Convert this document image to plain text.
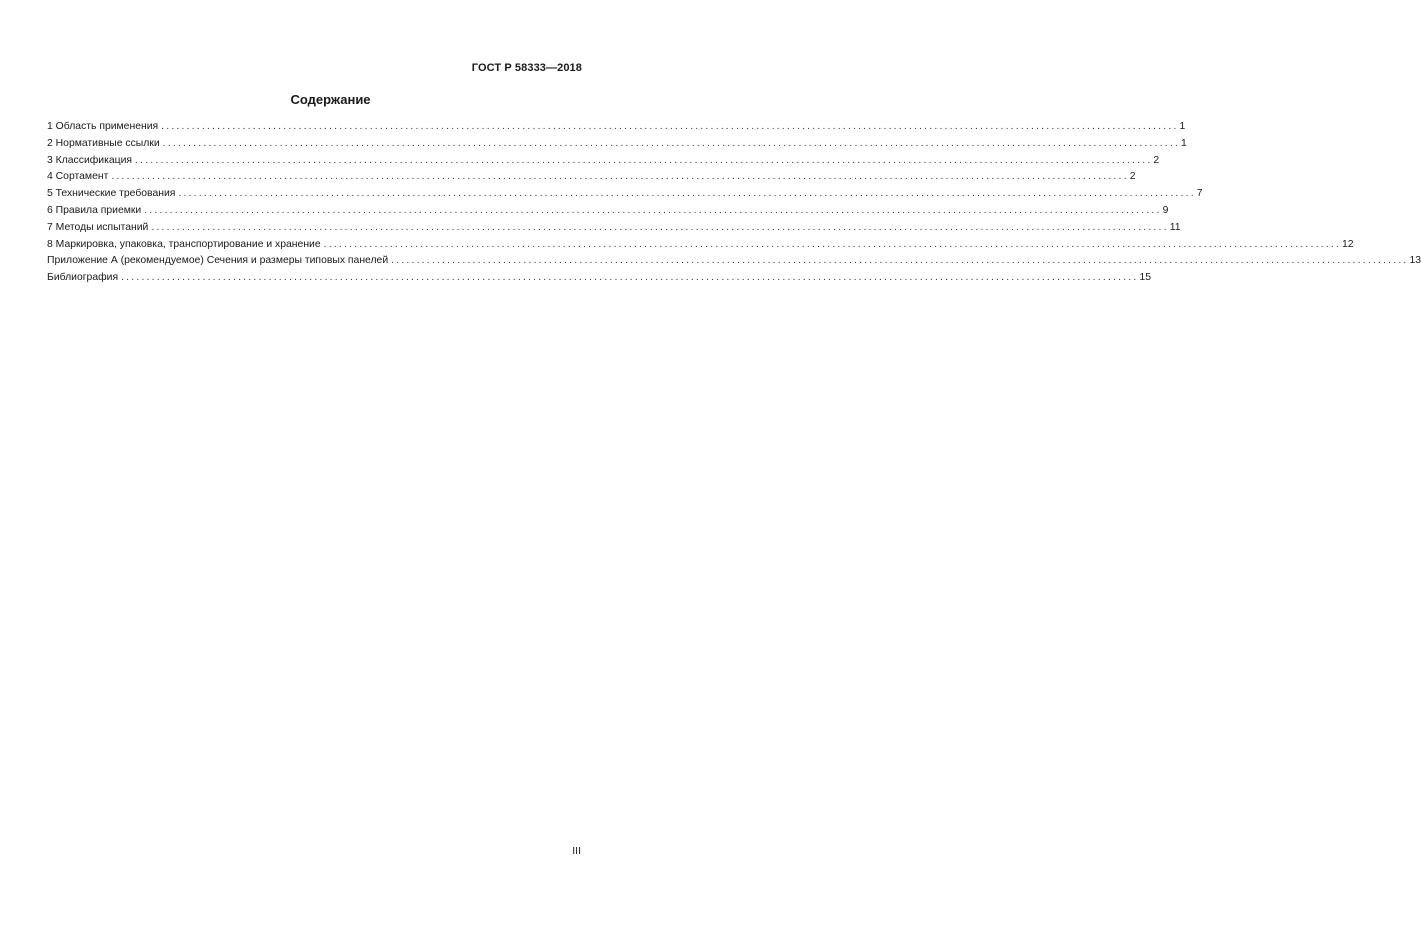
ГОСТ Р 58333—2018
Содержание
1 Область применения ........................................................................................................................................................................................................ 1
2 Нормативные ссылки ........................................................................................................................................................................................................ 1
3 Классификация ........................................................................................................................................................................................................ 2
4 Сортамент ........................................................................................................................................................................................................ 2
5 Технические требования ........................................................................................................................................................................................................ 7
6 Правила приемки ........................................................................................................................................................................................................ 9
7 Методы испытаний ........................................................................................................................................................................................................ 11
8 Маркировка, упаковка, транспортирование и хранение ........................................................................................................................................................................................................ 12
Приложение А (рекомендуемое) Сечения и размеры типовых панелей ........................................................................................................................................................................................................ 13
Библиография ........................................................................................................................................................................................................ 15
III
